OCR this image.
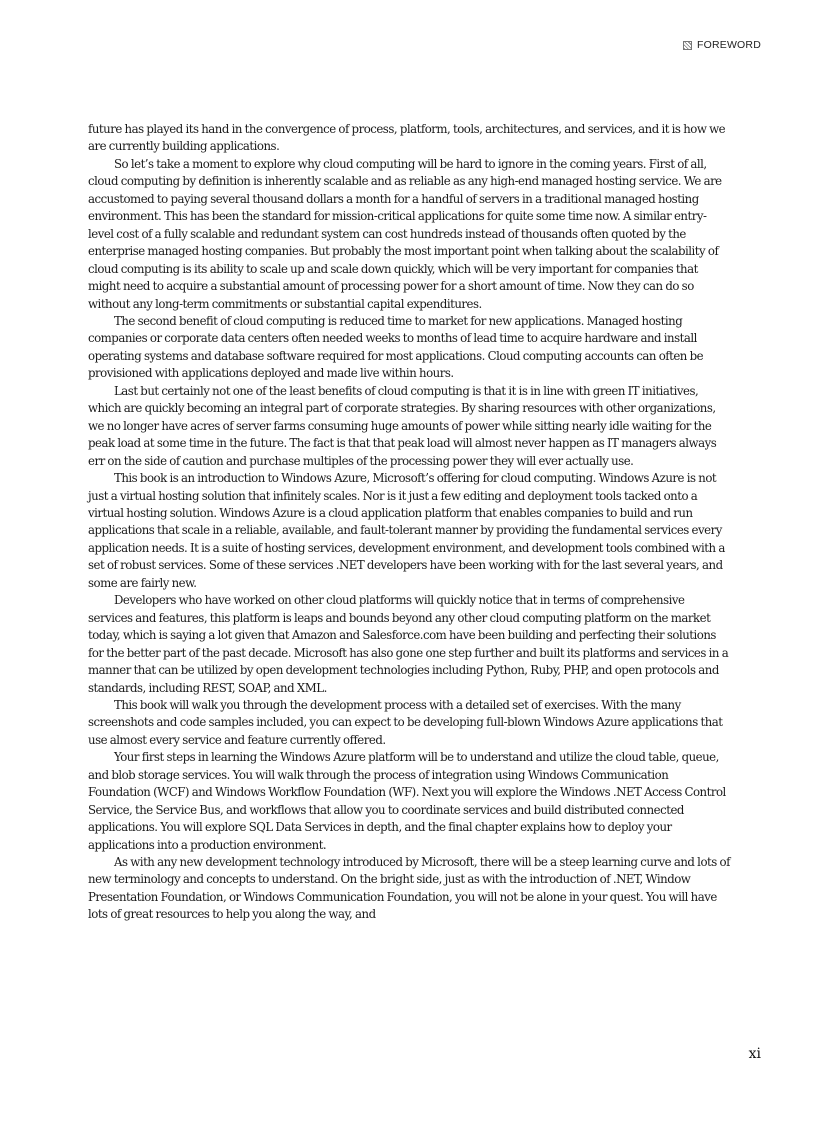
FOREWORD

future has played its hand in the convergence of process, platform, tools, architectures, and services, and it is how we are currently building applications.

So let’s take a moment to explore why cloud computing will be hard to ignore in the coming years. First of all, cloud computing by definition is inherently scalable and as reliable as any high-end managed hosting service. We are accustomed to paying several thousand dollars a month for a handful of servers in a traditional managed hosting environment. This has been the standard for mission-critical applications for quite some time now. A similar entry-level cost of a fully scalable and redundant system can cost hundreds instead of thousands often quoted by the enterprise managed hosting companies. But probably the most important point when talking about the scalability of cloud computing is its ability to scale up and scale down quickly, which will be very important for companies that might need to acquire a substantial amount of processing power for a short amount of time. Now they can do so without any long-term commitments or substantial capital expenditures.

The second benefit of cloud computing is reduced time to market for new applications. Managed hosting companies or corporate data centers often needed weeks to months of lead time to acquire hardware and install operating systems and database software required for most applications. Cloud computing accounts can often be provisioned with applications deployed and made live within hours.

Last but certainly not one of the least benefits of cloud computing is that it is in line with green IT initiatives, which are quickly becoming an integral part of corporate strategies. By sharing resources with other organizations, we no longer have acres of server farms consuming huge amounts of power while sitting nearly idle waiting for the peak load at some time in the future. The fact is that that peak load will almost never happen as IT managers always err on the side of caution and purchase multiples of the processing power they will ever actually use.

This book is an introduction to Windows Azure, Microsoft’s offering for cloud computing. Windows Azure is not just a virtual hosting solution that infinitely scales. Nor is it just a few editing and deployment tools tacked onto a virtual hosting solution. Windows Azure is a cloud application platform that enables companies to build and run applications that scale in a reliable, available, and fault-tolerant manner by providing the fundamental services every application needs. It is a suite of hosting services, development environment, and development tools combined with a set of robust services. Some of these services .NET developers have been working with for the last several years, and some are fairly new.

Developers who have worked on other cloud platforms will quickly notice that in terms of comprehensive services and features, this platform is leaps and bounds beyond any other cloud computing platform on the market today, which is saying a lot given that Amazon and Salesforce.com have been building and perfecting their solutions for the better part of the past decade. Microsoft has also gone one step further and built its platforms and services in a manner that can be utilized by open development technologies including Python, Ruby, PHP, and open protocols and standards, including REST, SOAP, and XML.

This book will walk you through the development process with a detailed set of exercises. With the many screenshots and code samples included, you can expect to be developing full-blown Windows Azure applications that use almost every service and feature currently offered.

Your first steps in learning the Windows Azure platform will be to understand and utilize the cloud table, queue, and blob storage services. You will walk through the process of integration using Windows Communication Foundation (WCF) and Windows Workflow Foundation (WF). Next you will explore the Windows .NET Access Control Service, the Service Bus, and workflows that allow you to coordinate services and build distributed connected applications. You will explore SQL Data Services in depth, and the final chapter explains how to deploy your applications into a production environment.

As with any new development technology introduced by Microsoft, there will be a steep learning curve and lots of new terminology and concepts to understand. On the bright side, just as with the introduction of .NET, Window Presentation Foundation, or Windows Communication Foundation, you will not be alone in your quest. You will have lots of great resources to help you along the way, and

xi
